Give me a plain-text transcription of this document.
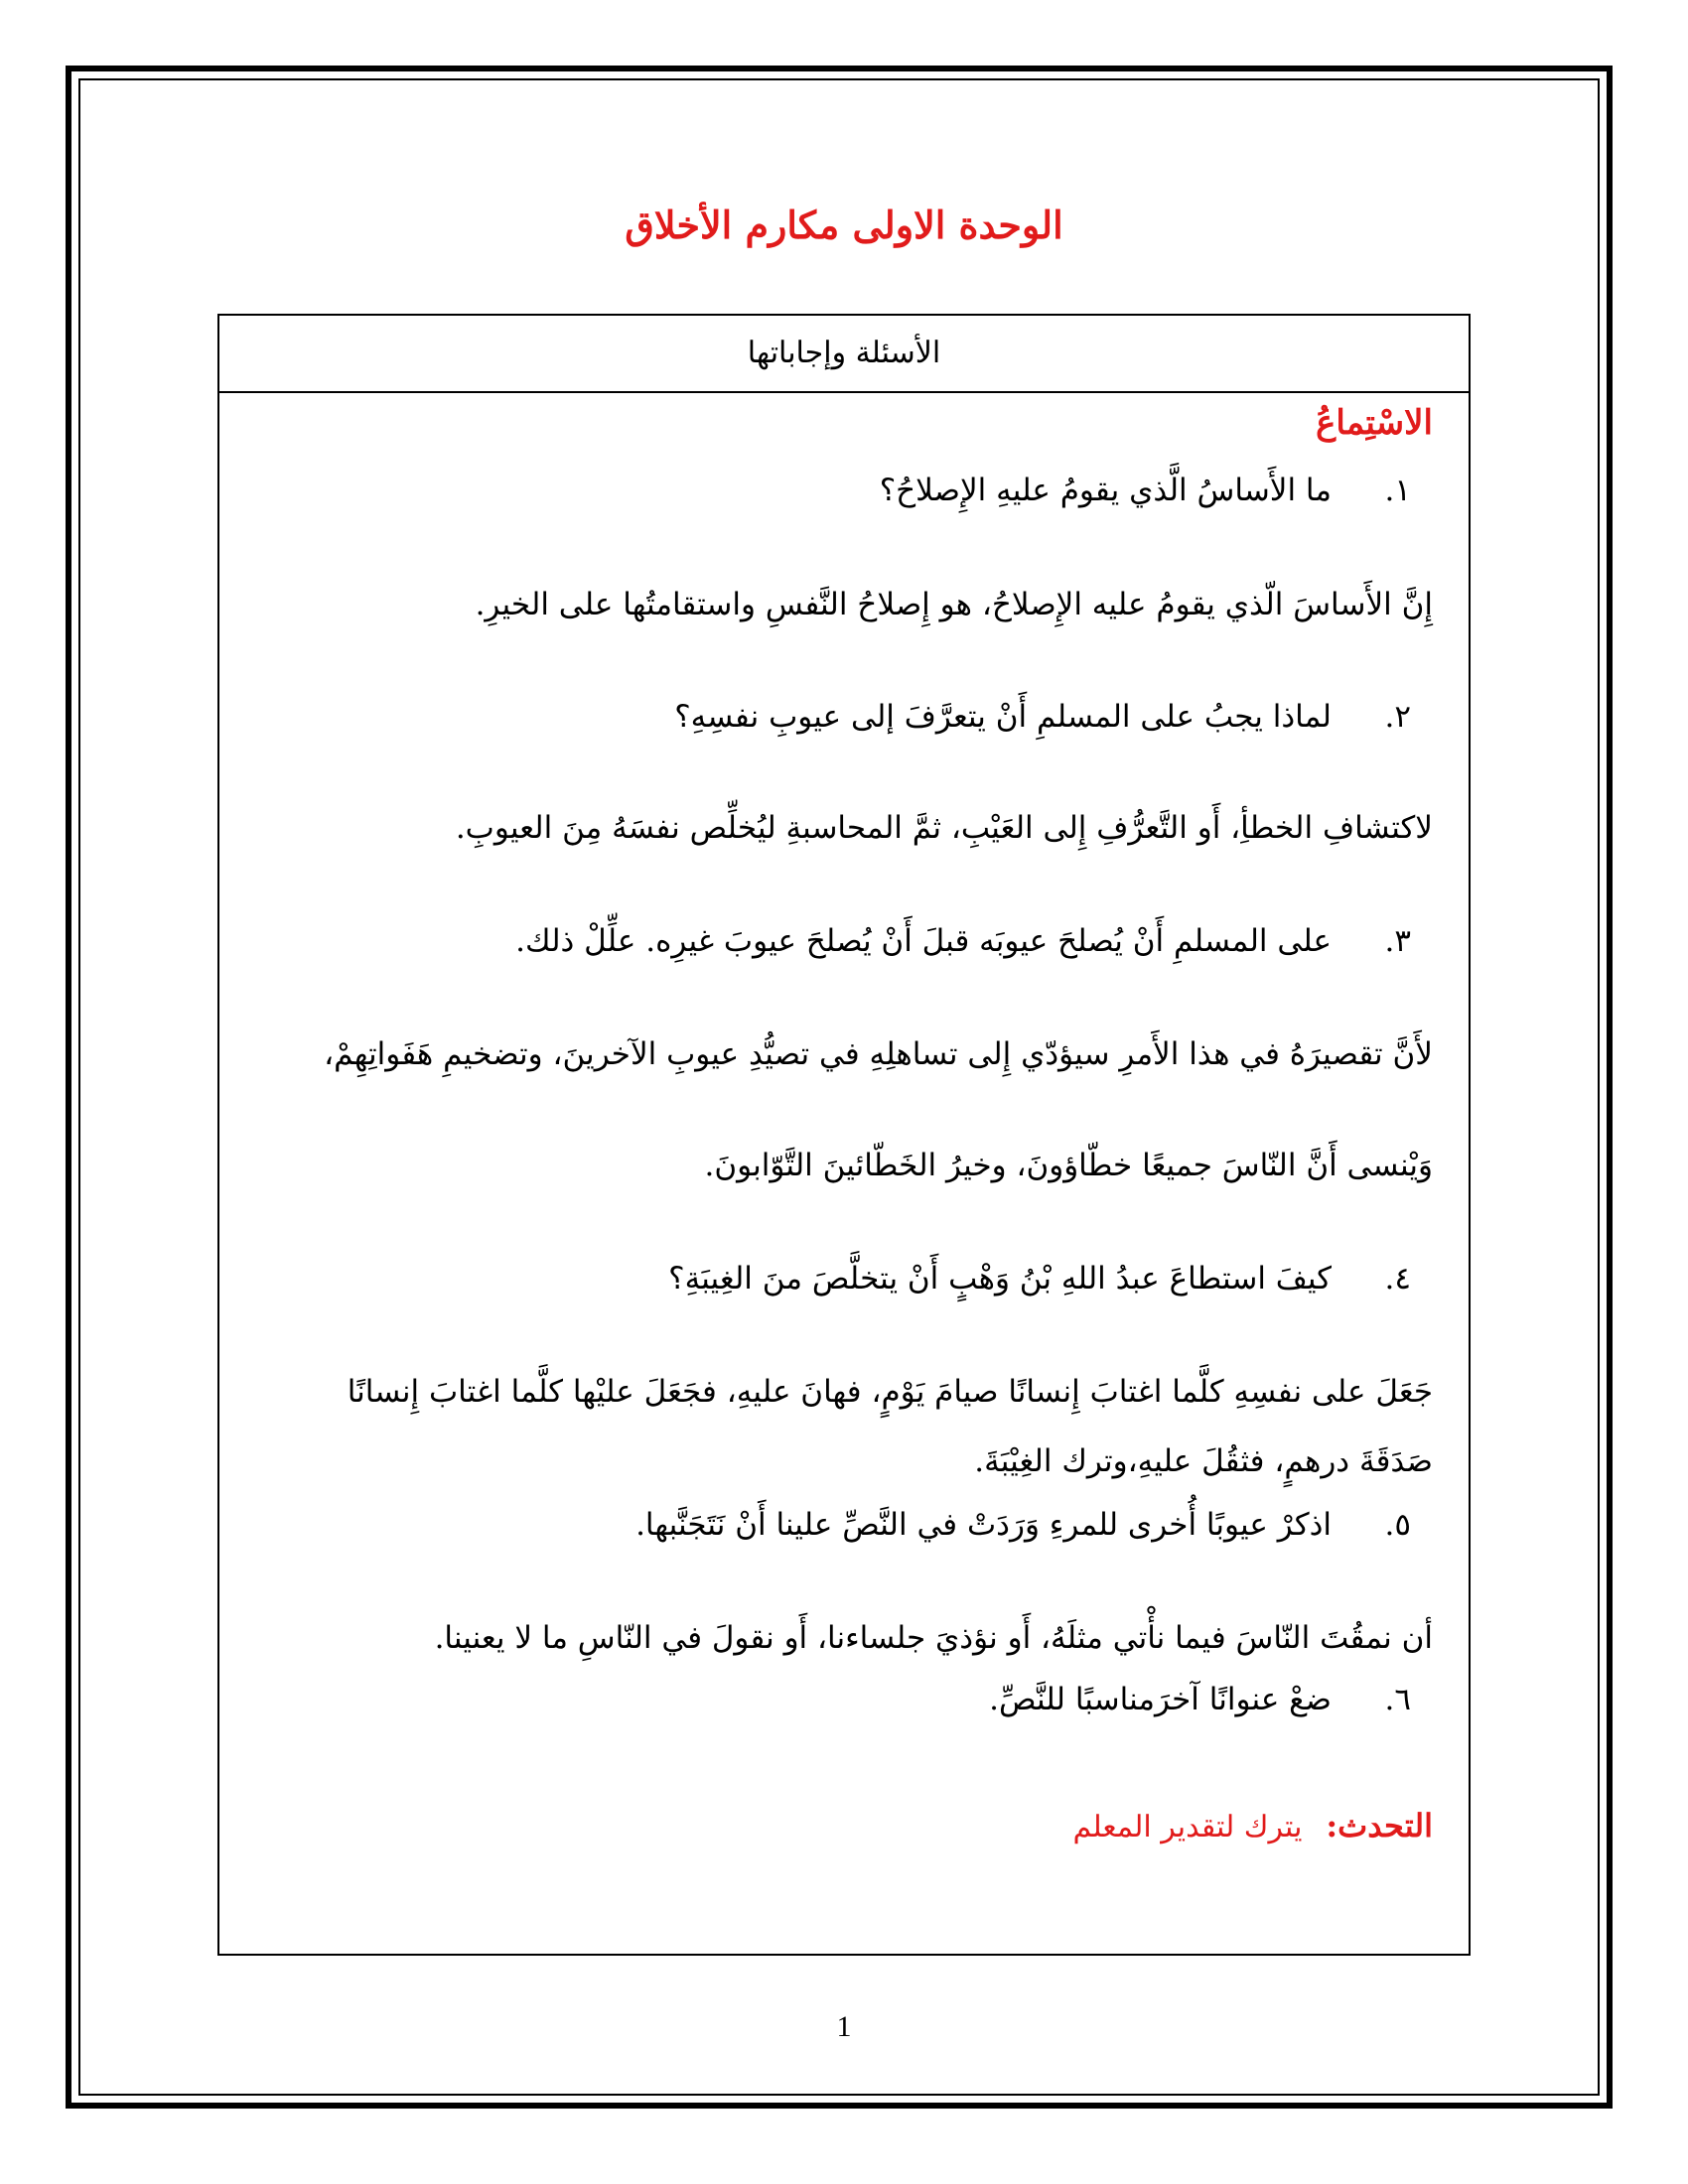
الوحدة الاولى مكارم الأخلاق
الأسئلة وإجاباتها
الاسْتِماعُ
١.
ما الأَساسُ الَّذي يقومُ عليهِ الإِصلاحُ؟
إِنَّ الأَساسَ الّذي يقومُ عليه الإِصلاحُ، هو إِصلاحُ النَّفسِ واستقامتُها على الخيرِ.
٢.
لماذا يجبُ على المسلمِ أَنْ يتعرَّفَ إلى عيوبِ نفسِهِ؟
لاكتشافِ الخطأِ، أَو التَّعرُّفِ إِلى العَيْبِ، ثمَّ المحاسبةِ ليُخلِّص نفسَهُ مِنَ العيوبِ.
٣.
على المسلمِ أَنْ يُصلحَ عيوبَه قبلَ أَنْ يُصلحَ عيوبَ غيرِه. علِّلْ ذلك.
لأَنَّ تقصيرَهُ في هذا الأَمرِ سيؤدّي إِلى تساهلِهِ في تصيُّدِ عيوبِ الآخرينَ، وتضخيمِ هَفَواتِهِمْ،
وَيْنسى أَنَّ النّاسَ جميعًا خطّاؤونَ، وخيرُ الخَطّائينَ التَّوّابونَ.
٤.
كيفَ استطاعَ عبدُ اللهِ بْنُ وَهْبٍ أَنْ يتخلَّصَ منَ الغِيبَةِ؟
جَعَلَ على نفسِهِ كلَّما اغتابَ إِنسانًا صيامَ يَوْمٍ، فهانَ عليهِ، فجَعَلَ عليْها كلَّما اغتابَ إِنسانًا
صَدَقَةَ درهمٍ، فثقُلَ عليهِ،وترك الغِيْبَةَ.
٥.
اذكرْ عيوبًا أُخرى للمرءِ وَرَدَتْ في النَّصِّ علينا أَنْ نَتَجَنَّبها.
أن نمقُتَ النّاسَ فيما نأْتي مثلَهُ، أَو نؤذيَ جلساءنا، أَو نقولَ في النّاسِ ما لا يعنينا.
٦.
ضعْ عنوانًا آخرَمناسبًا للنَّصِّ.
التحدث: يترك لتقدير المعلم
1
